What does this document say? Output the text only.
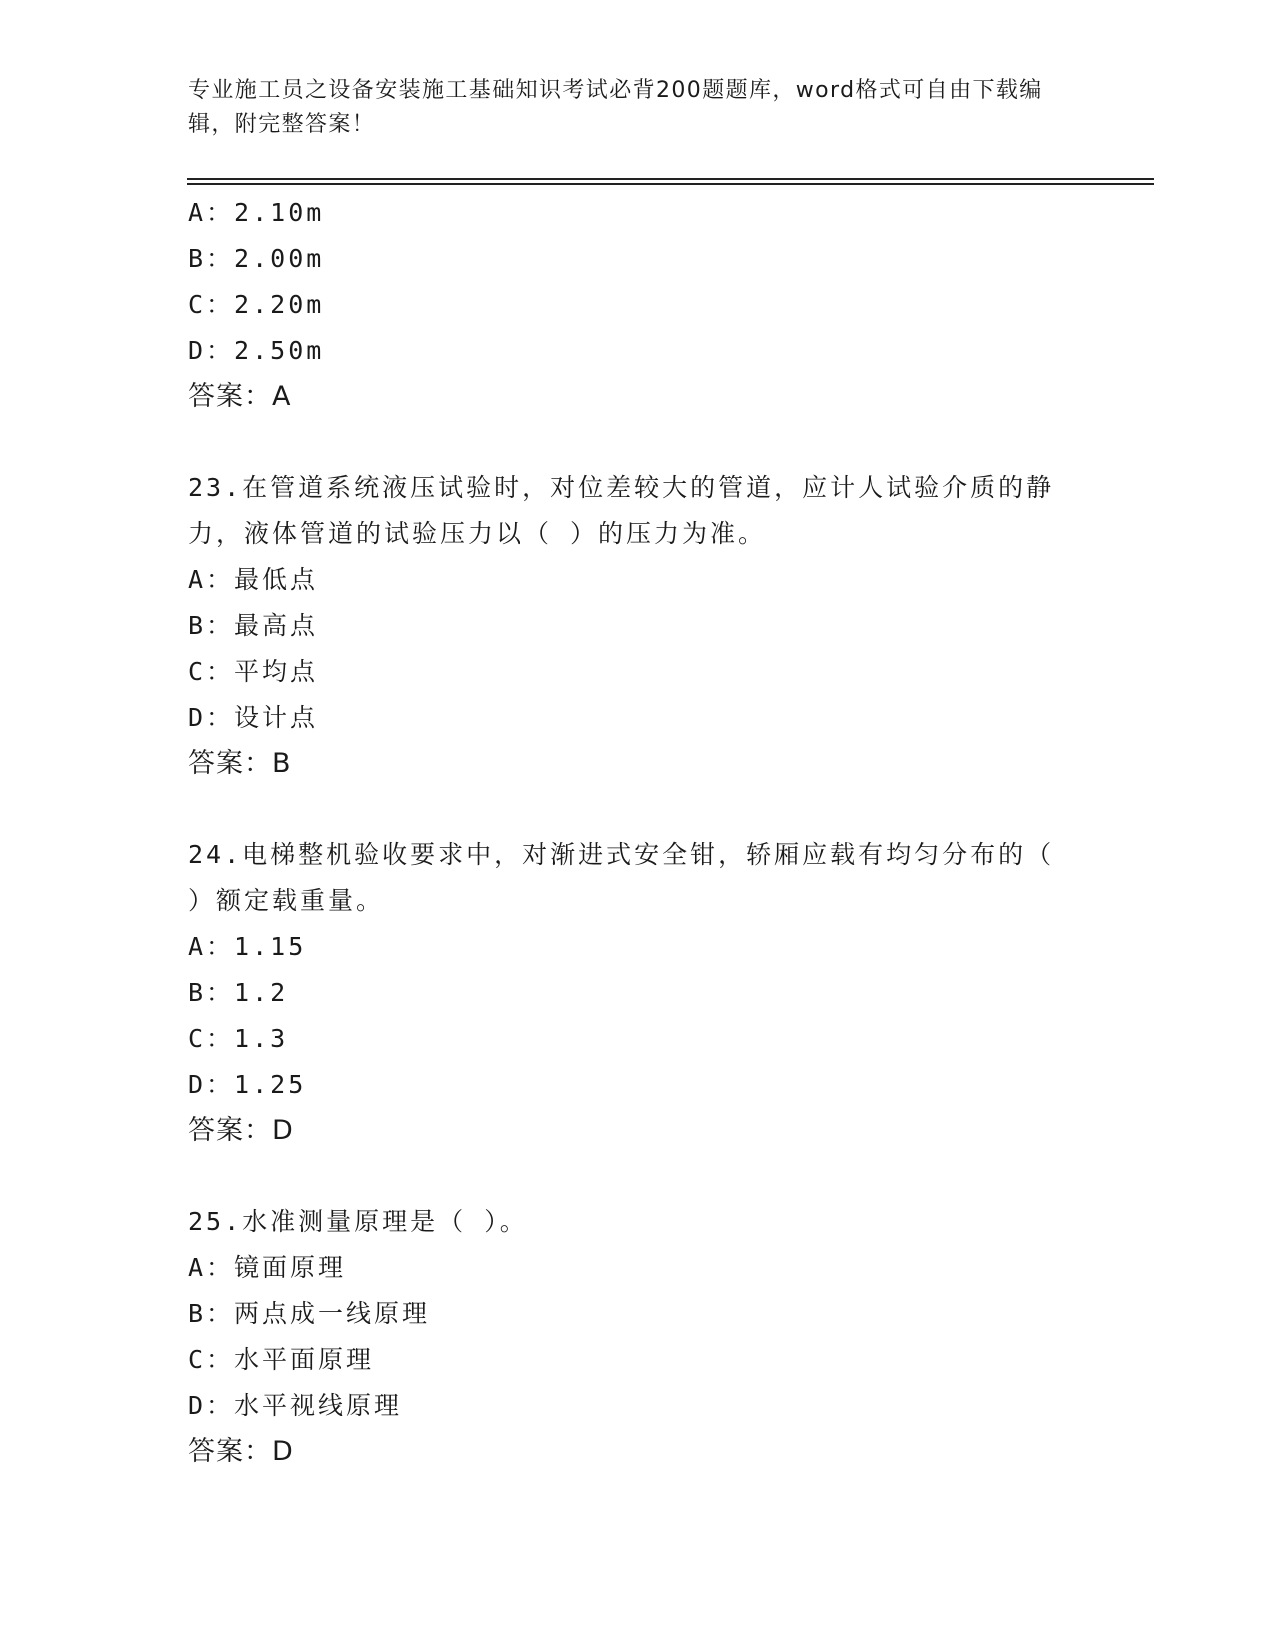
专业施工员之设备安装施工基础知识考试必背200题题库，word格式可自由下载编辑，附完整答案！
A：2.10m
B：2.00m
C：2.20m
D：2.50m
答案：A
23.在管道系统液压试验时，对位差较大的管道，应计人试验介质的静
力，液体管道的试验压力以（ ）的压力为准。
A：最低点
B：最高点
C：平均点
D：设计点
答案：B
24.电梯整机验收要求中，对渐进式安全钳，轿厢应载有均匀分布的（
）额定载重量。
A：1.15
B：1.2
C：1.3
D：1.25
答案：D
25.水准测量原理是（ ）。
A：镜面原理
B：两点成一线原理
C：水平面原理
D：水平视线原理
答案：D
